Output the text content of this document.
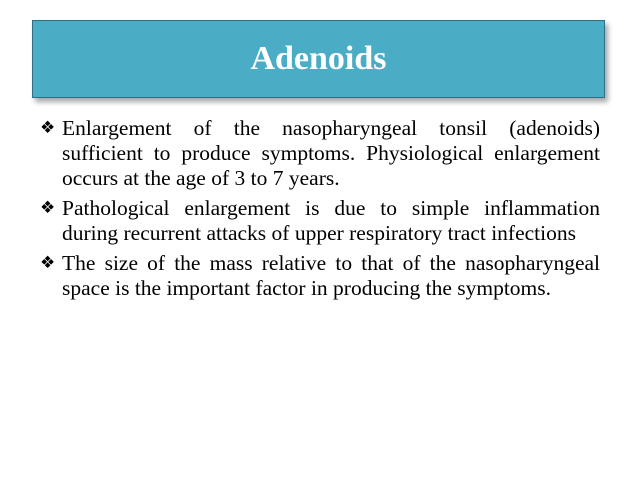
Adenoids
❖ Enlargement of the nasopharyngeal tonsil (adenoids) sufficient to produce symptoms. Physiological enlargement occurs at the age of 3 to 7 years.
❖ Pathological enlargement is due to simple inflammation during recurrent attacks of upper respiratory tract infections
❖ The size of the mass relative to that of the nasopharyngeal space is the important factor in producing the symptoms.
